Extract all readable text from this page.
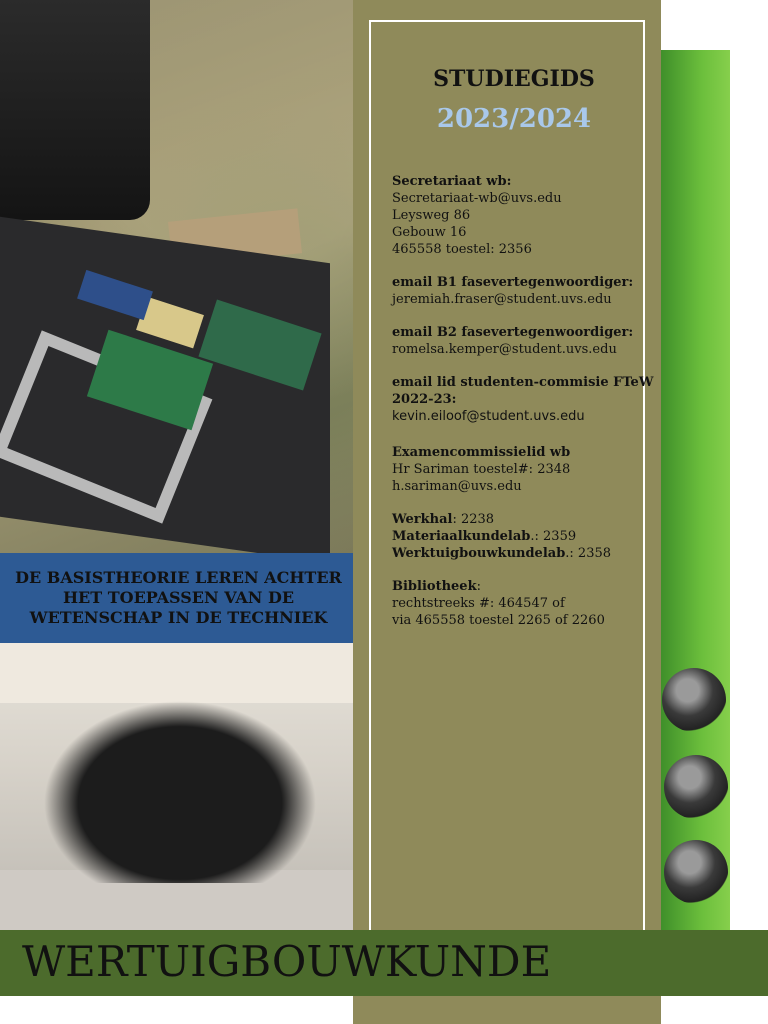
DE BASISTHEORIE LEREN ACHTER
HET TOEPASSEN VAN DE
WETENSCHAP IN DE TECHNIEK
STUDIEGIDS
2023/2024
Secretariaat wb:
Secretariaat-wb@uvs.edu
Leysweg 86
Gebouw 16
465558 toestel: 2356
email B1 fasevertegenwoordiger:
jeremiah.fraser@student.uvs.edu
email B2 fasevertegenwoordiger:
romelsa.kemper@student.uvs.edu
email lid studenten-commisie FTeW
2022-23:
kevin.eiloof@student.uvs.edu
Examencommissielid wb
Hr Sariman toestel#: 2348
h.sariman@uvs.edu
Werkhal: 2238
Materiaalkundelab.: 2359
Werktuigbouwkundelab.: 2358
Bibliotheek:
rechtstreeks #: 464547 of
via 465558 toestel 2265 of 2260
WERTUIGBOUWKUNDE
